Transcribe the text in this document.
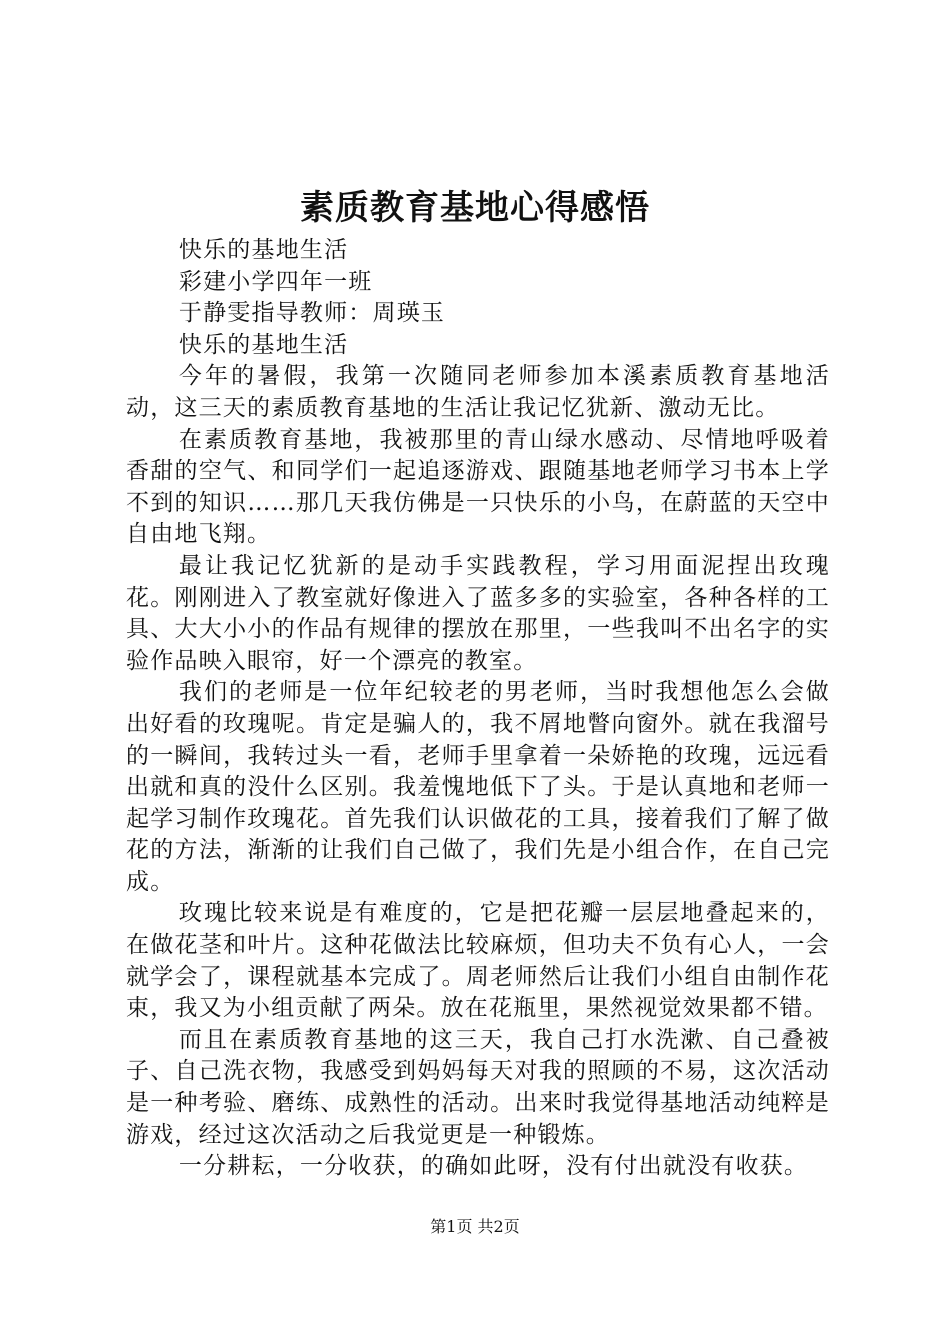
素质教育基地心得感悟

快乐的基地生活

彩建小学四年一班

于静雯指导教师：周瑛玉

快乐的基地生活

今年的暑假，我第一次随同老师参加本溪素质教育基地活动，这三天的素质教育基地的生活让我记忆犹新、激动无比。

在素质教育基地，我被那里的青山绿水感动、尽情地呼吸着香甜的空气、和同学们一起追逐游戏、跟随基地老师学习书本上学不到的知识……那几天我仿佛是一只快乐的小鸟，在蔚蓝的天空中自由地飞翔。

最让我记忆犹新的是动手实践教程，学习用面泥捏出玫瑰花。刚刚进入了教室就好像进入了蓝多多的实验室，各种各样的工具、大大小小的作品有规律的摆放在那里，一些我叫不出名字的实验作品映入眼帘，好一个漂亮的教室。

我们的老师是一位年纪较老的男老师，当时我想他怎么会做出好看的玫瑰呢。肯定是骗人的，我不屑地瞥向窗外。就在我溜号的一瞬间，我转过头一看，老师手里拿着一朵娇艳的玫瑰，远远看出就和真的没什么区别。我羞愧地低下了头。于是认真地和老师一起学习制作玫瑰花。首先我们认识做花的工具，接着我们了解了做花的方法，渐渐的让我们自己做了，我们先是小组合作，在自己完成。

玫瑰比较来说是有难度的，它是把花瓣一层层地叠起来的，在做花茎和叶片。这种花做法比较麻烦，但功夫不负有心人，一会就学会了，课程就基本完成了。周老师然后让我们小组自由制作花束，我又为小组贡献了两朵。放在花瓶里，果然视觉效果都不错。

而且在素质教育基地的这三天，我自己打水洗漱、自己叠被子、自己洗衣物，我感受到妈妈每天对我的照顾的不易，这次活动是一种考验、磨练、成熟性的活动。出来时我觉得基地活动纯粹是游戏，经过这次活动之后我觉更是一种锻炼。

一分耕耘，一分收获，的确如此呀，没有付出就没有收获。

第1页 共2页
